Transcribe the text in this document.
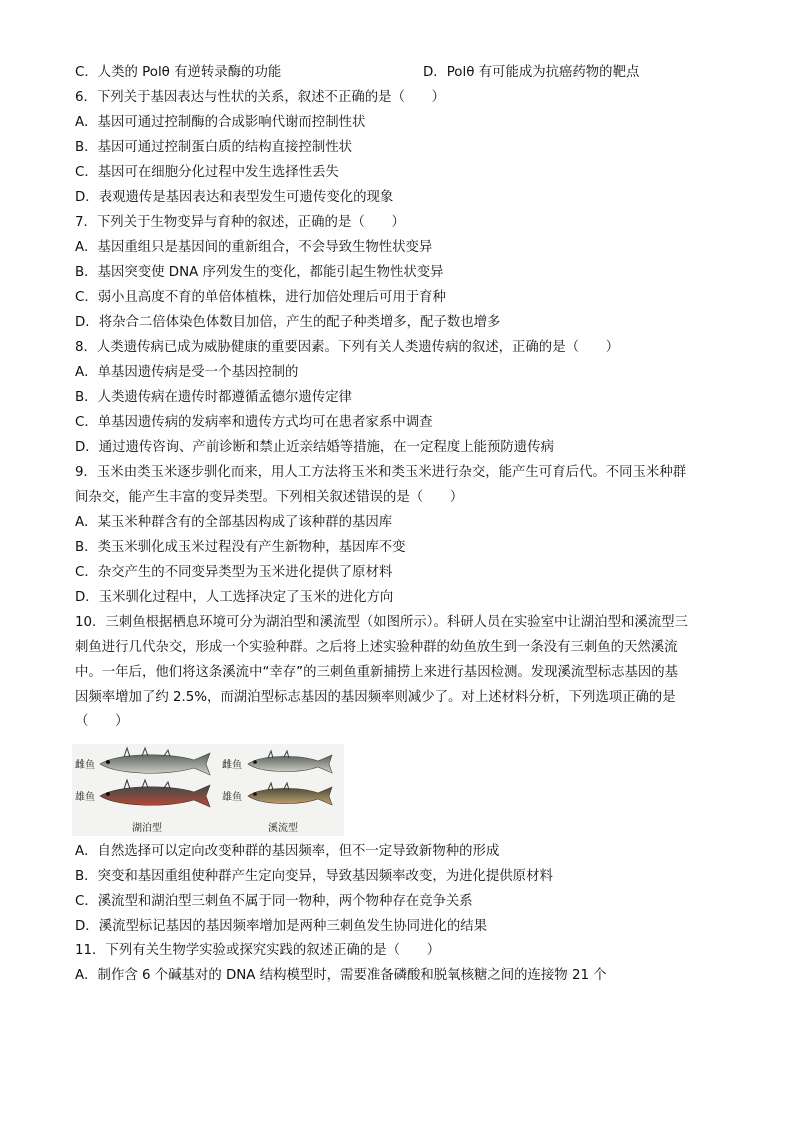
C．人类的 Polθ 有逆转录酶的功能	D．Polθ 有可能成为抗癌药物的靶点
6．下列关于基因表达与性状的关系，叙述不正确的是（　　）
A．基因可通过控制酶的合成影响代谢而控制性状
B．基因可通过控制蛋白质的结构直接控制性状
C．基因可在细胞分化过程中发生选择性丢失
D．表观遗传是基因表达和表型发生可遗传变化的现象
7．下列关于生物变异与育种的叙述，正确的是（　　）
A．基因重组只是基因间的重新组合，不会导致生物性状变异
B．基因突变使 DNA 序列发生的变化，都能引起生物性状变异
C．弱小且高度不育的单倍体植株，进行加倍处理后可用于育种
D．将杂合二倍体染色体数目加倍，产生的配子种类增多，配子数也增多
8．人类遗传病已成为威胁健康的重要因素。下列有关人类遗传病的叙述，正确的是（　　）
A．单基因遗传病是受一个基因控制的
B．人类遗传病在遗传时都遵循孟德尔遗传定律
C．单基因遗传病的发病率和遗传方式均可在患者家系中调查
D．通过遗传咨询、产前诊断和禁止近亲结婚等措施，在一定程度上能预防遗传病
9．玉米由类玉米逐步驯化而来，用人工方法将玉米和类玉米进行杂交，能产生可育后代。不同玉米种群
间杂交，能产生丰富的变异类型。下列相关叙述错误的是（　　）
A．某玉米种群含有的全部基因构成了该种群的基因库
B．类玉米驯化成玉米过程没有产生新物种，基因库不变
C．杂交产生的不同变异类型为玉米进化提供了原材料
D．玉米驯化过程中，人工选择决定了玉米的进化方向
10．三刺鱼根据栖息环境可分为湖泊型和溪流型（如图所示）。科研人员在实验室中让湖泊型和溪流型三
刺鱼进行几代杂交，形成一个实验种群。之后将上述实验种群的幼鱼放生到一条没有三刺鱼的天然溪流
中。一年后，他们将这条溪流中“幸存”的三刺鱼重新捕捞上来进行基因检测。发现溪流型标志基因的基
因频率增加了约 2.5%，而湖泊型标志基因的基因频率则减少了。对上述材料分析，下列选项正确的是
（　　）
雌鱼
雄鱼
雌鱼
雄鱼
湖泊型	溪流型
A．自然选择可以定向改变种群的基因频率，但不一定导致新物种的形成
B．突变和基因重组使种群产生定向变异，导致基因频率改变，为进化提供原材料
C．溪流型和湖泊型三刺鱼不属于同一物种，两个物种存在竞争关系
D．溪流型标记基因的基因频率增加是两种三刺鱼发生协同进化的结果
11．下列有关生物学实验或探究实践的叙述正确的是（　　）
A．制作含 6 个碱基对的 DNA 结构模型时，需要准备磷酸和脱氧核糖之间的连接物 21 个
